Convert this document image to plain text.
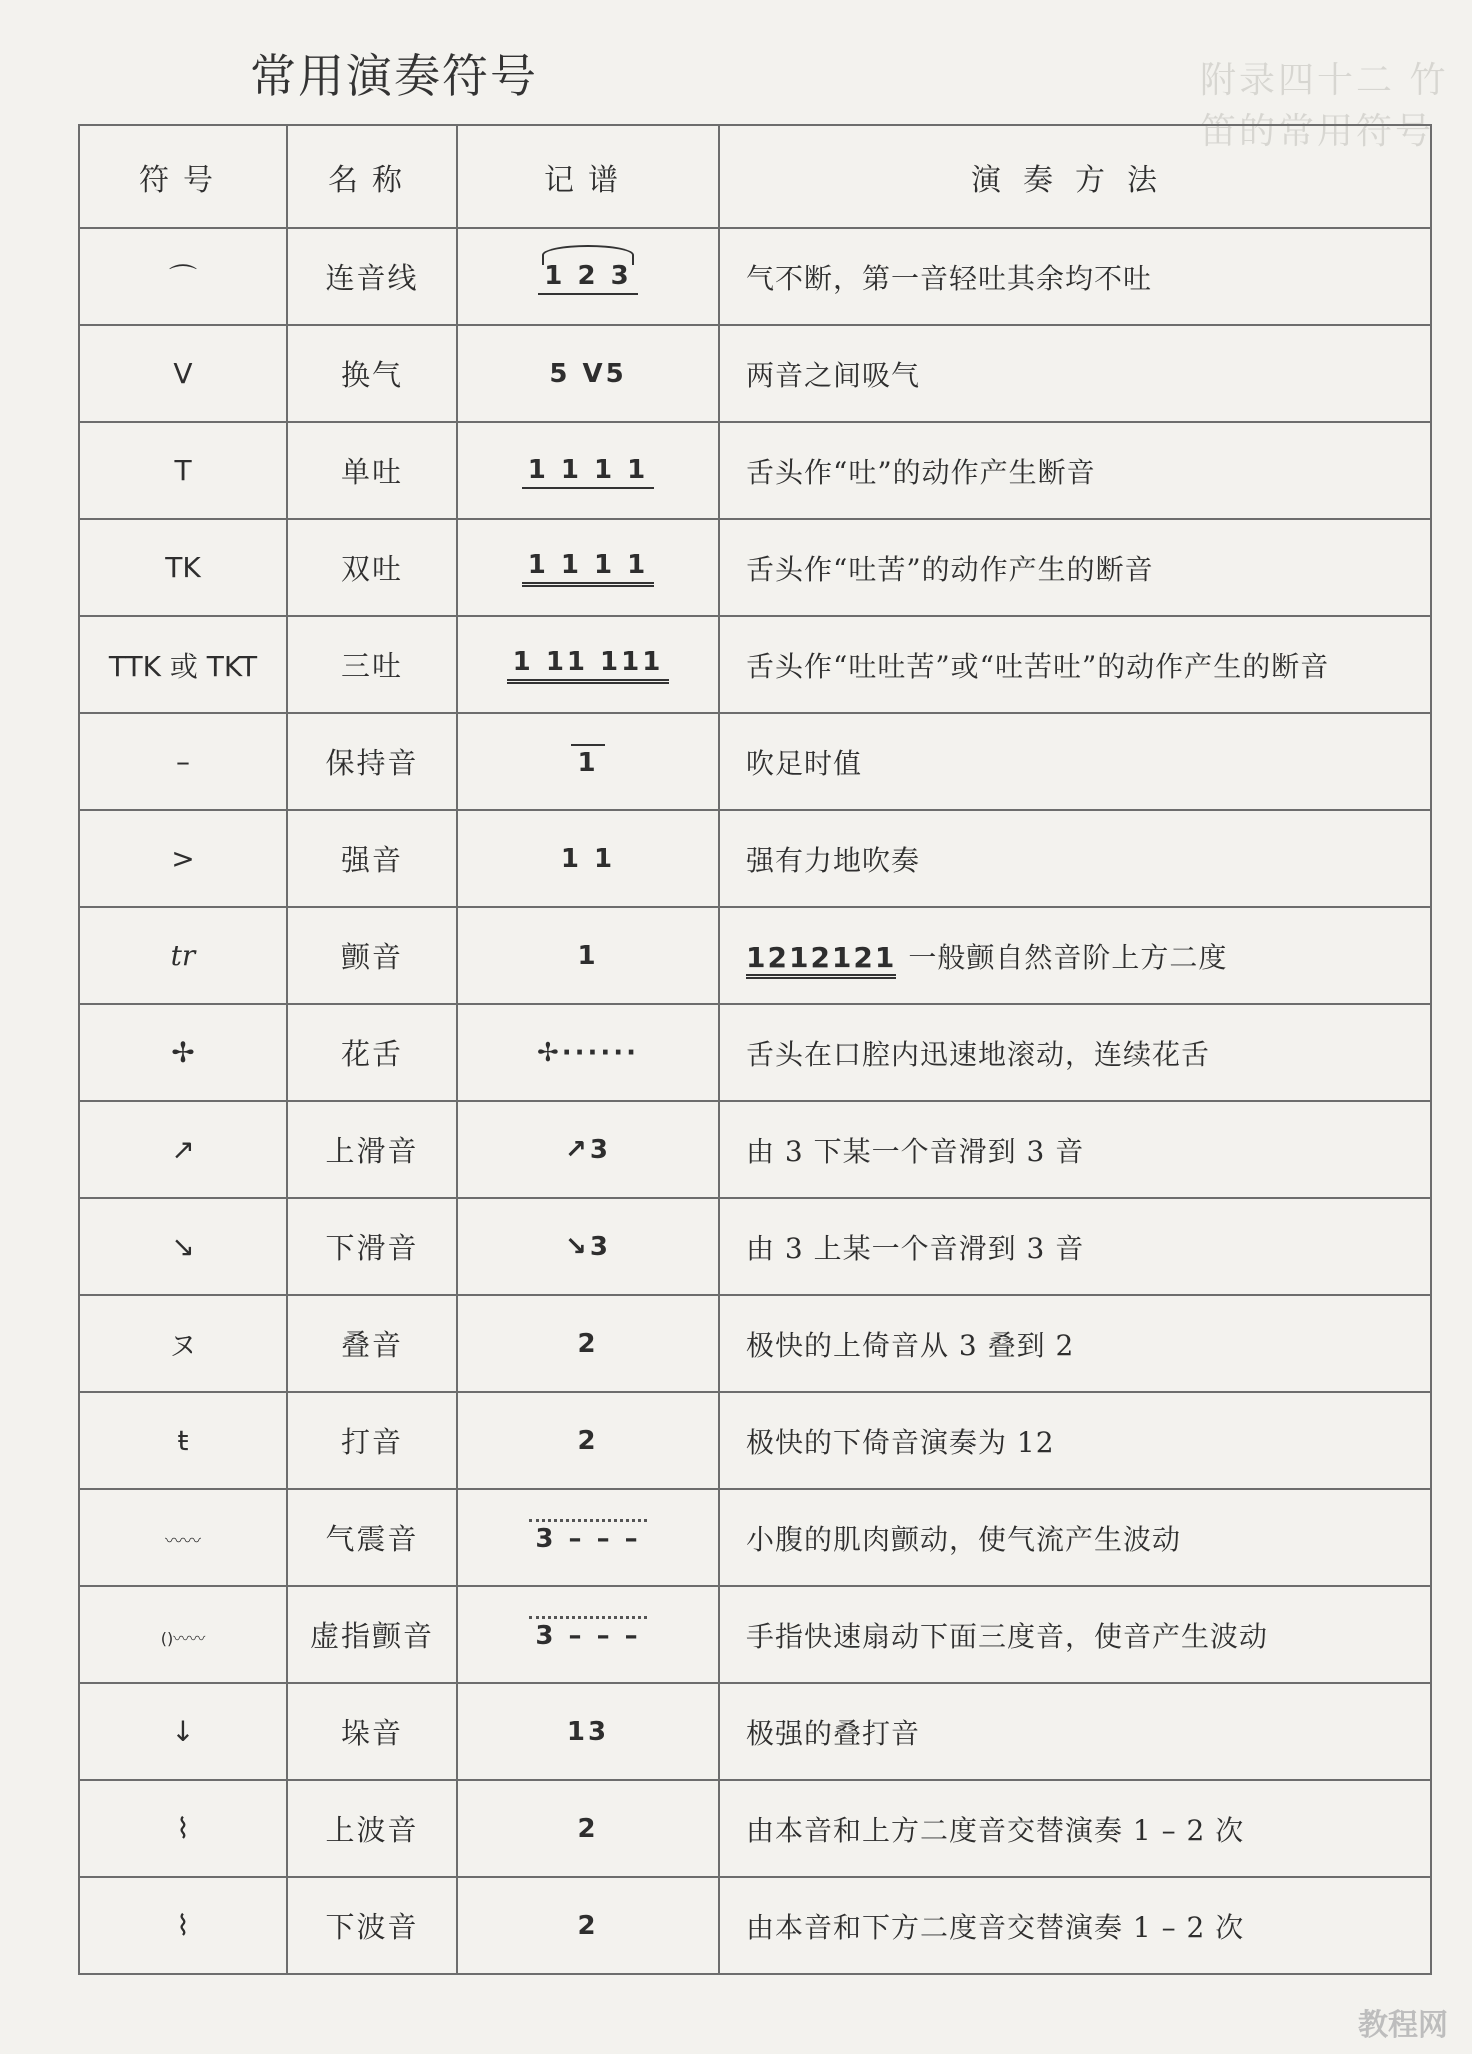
常用演奏符号	附录四十二 竹笛的常用符号
符号	名称	记谱	演奏方法
⌒	连音线	1 2 3	气不断，第一音轻吐其余均不吐
V	换气	5 V5	两音之间吸气
T	单吐	1 1 1 1	舌头作“吐”的动作产生断音
TK	双吐	1 1 1 1	舌头作“吐苦”的动作产生的断音
TTK 或 TKT	三吐	1 11 111	舌头作“吐吐苦”或“吐苦吐”的动作产生的断音
–	保持音	1	吹足时值
>	强音	1 1	强有力地吹奏
tr	颤音	1	1212121 一般颤自然音阶上方二度
✢	花舌	✢······	舌头在口腔内迅速地滚动，连续花舌
↗	上滑音	↗3	由 3 下某一个音滑到 3 音
↘	下滑音	↘3	由 3 上某一个音滑到 3 音
ヌ	叠音	2	极快的上倚音从 3 叠到 2
ŧ	打音	2	极快的下倚音演奏为 12
〰〰	气震音	3 – – –	小腹的肌肉颤动，使气流产生波动
()〰〰	虚指颤音	3 – – –	手指快速扇动下面三度音，使音产生波动
↓	垛音	13	极强的叠打音
⌇	上波音	2	由本音和上方二度音交替演奏 1 – 2 次
⌇	下波音	2	由本音和下方二度音交替演奏 1 – 2 次
教程网
